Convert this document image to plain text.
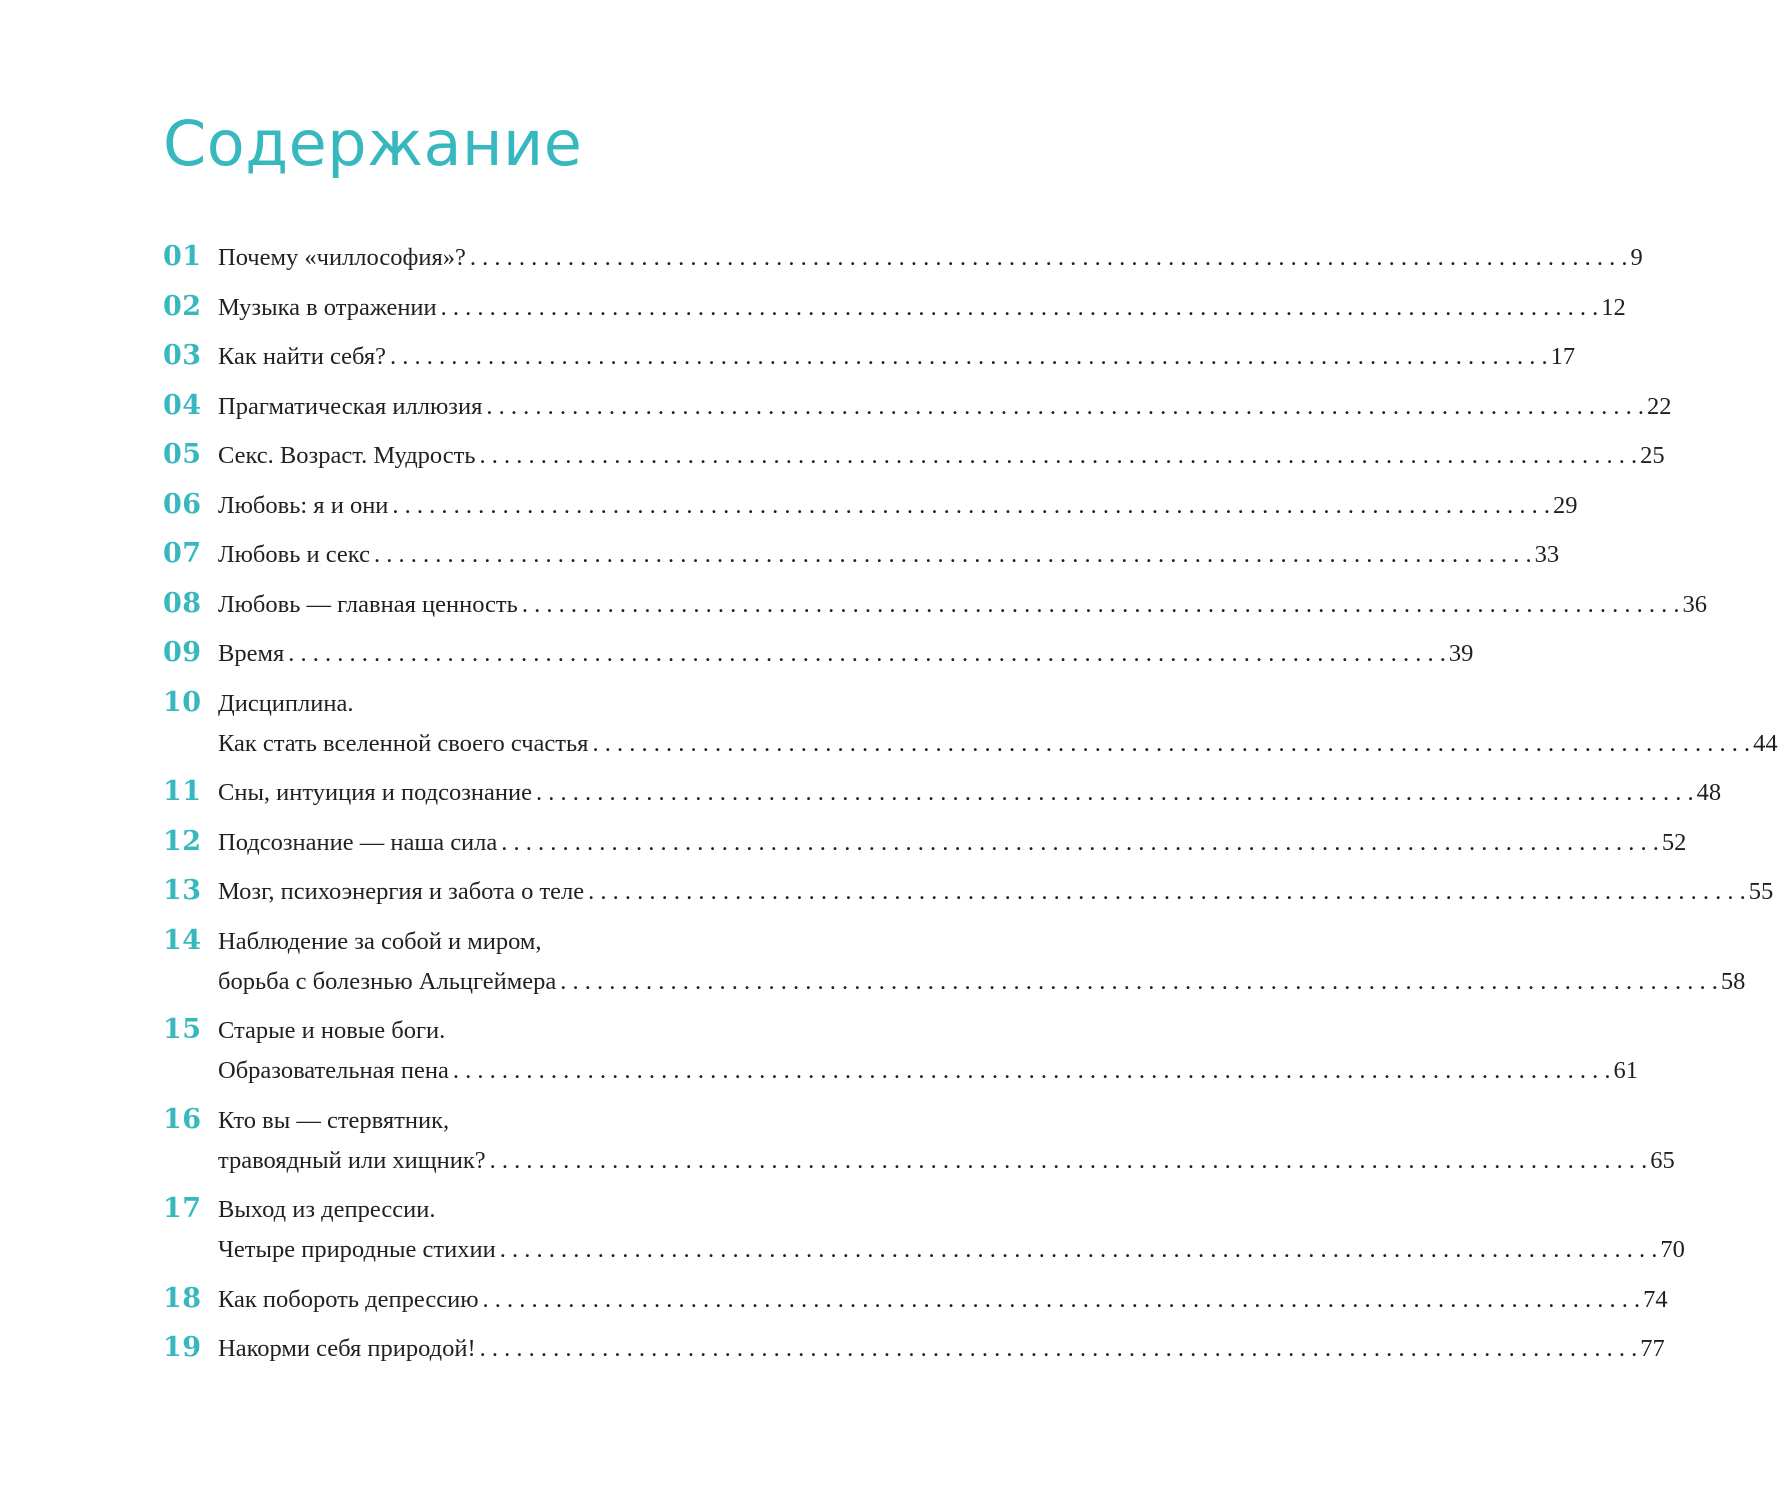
Содержание
01 Почему «чиллософия»? . . .	9
02 Музыка в отражении . . .	12
03 Как найти себя? . . .	17
04 Прагматическая иллюзия . . .	22
05 Секс. Возраст. Мудрость . . .	25
06 Любовь: я и они . . .	29
07 Любовь и секс . . .	33
08 Любовь — главная ценность . . .	36
09 Время . . .	39
10 Дисциплина.
Как стать вселенной своего счастья . . .	44
11 Сны, интуиция и подсознание . . .	48
12 Подсознание — наша сила . . .	52
13 Мозг, психоэнергия и забота о теле . . .	55
14 Наблюдение за собой и миром,
борьба с болезнью Альцгеймера . . .	58
15 Старые и новые боги.
Образовательная пена . . .	61
16 Кто вы — стервятник,
травоядный или хищник? . . .	65
17 Выход из депрессии.
Четыре природные стихии . . .	70
18 Как побороть депрессию . . .	74
19 Накорми себя природой! . . .	77
